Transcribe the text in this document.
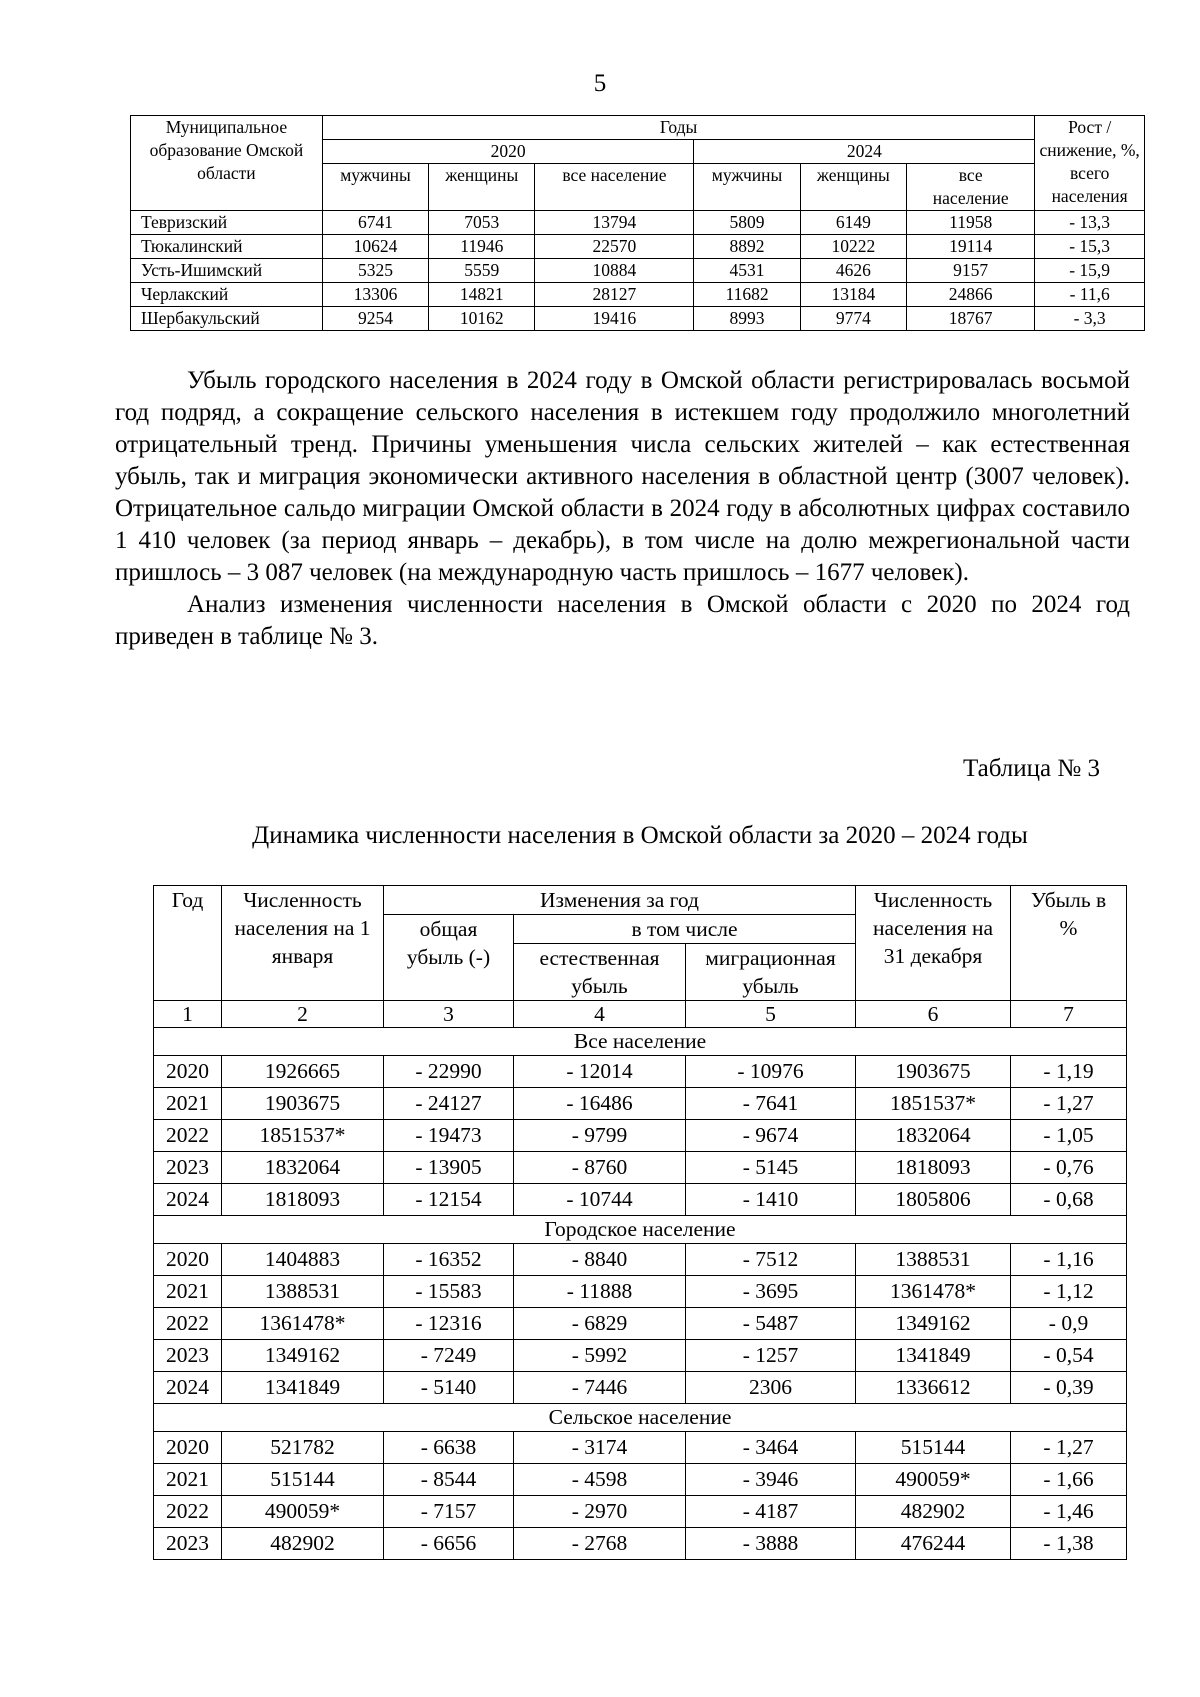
5
Муниципальное образование Омской области	Годы						Рост / снижение, %, всего населения
	2020			2024			
	мужчины	женщины	все население	мужчины	женщины	все население	
Тевризский	6741	7053	13794	5809	6149	11958	- 13,3
Тюкалинский	10624	11946	22570	8892	10222	19114	- 15,3
Усть-Ишимский	5325	5559	10884	4531	4626	9157	- 15,9
Черлакский	13306	14821	28127	11682	13184	24866	- 11,6
Шербакульский	9254	10162	19416	8993	9774	18767	- 3,3

Убыль городского населения в 2024 году в Омской области регистрировалась восьмой год подряд, а сокращение сельского населения в истекшем году продолжило многолетний отрицательный тренд. Причины уменьшения числа сельских жителей – как естественная убыль, так и миграция экономически активного населения в областной центр (3007 человек). Отрицательное сальдо миграции Омской области в 2024 году в абсолютных цифрах составило 1 410 человек (за период январь – декабрь), в том числе на долю межрегиональной части пришлось – 3 087 человек (на международную часть пришлось – 1677 человек).

Анализ изменения численности населения в Омской области с 2020 по 2024 год приведен в таблице № 3.

Таблица № 3
Динамика численности населения в Омской области за 2020 – 2024 годы
Год	Численность населения на 1 января	Изменения за год			Численность населения на 31 декабря	Убыль в %
		общая убыль (-)	в том числе			
			естественная убыль	миграционная убыль		
1	2	3	4	5	6	7
Все население						
2020	1926665	- 22990	- 12014	- 10976	1903675	- 1,19
2021	1903675	- 24127	- 16486	- 7641	1851537*	- 1,27
2022	1851537*	- 19473	- 9799	- 9674	1832064	- 1,05
2023	1832064	- 13905	- 8760	- 5145	1818093	- 0,76
2024	1818093	- 12154	- 10744	- 1410	1805806	- 0,68
Городское население						
2020	1404883	- 16352	- 8840	- 7512	1388531	- 1,16
2021	1388531	- 15583	- 11888	- 3695	1361478*	- 1,12
2022	1361478*	- 12316	- 6829	- 5487	1349162	- 0,9
2023	1349162	- 7249	- 5992	- 1257	1341849	- 0,54
2024	1341849	- 5140	- 7446	2306	1336612	- 0,39
Сельское население						
2020	521782	- 6638	- 3174	- 3464	515144	- 1,27
2021	515144	- 8544	- 4598	- 3946	490059*	- 1,66
2022	490059*	- 7157	- 2970	- 4187	482902	- 1,46
2023	482902	- 6656	- 2768	- 3888	476244	- 1,38
